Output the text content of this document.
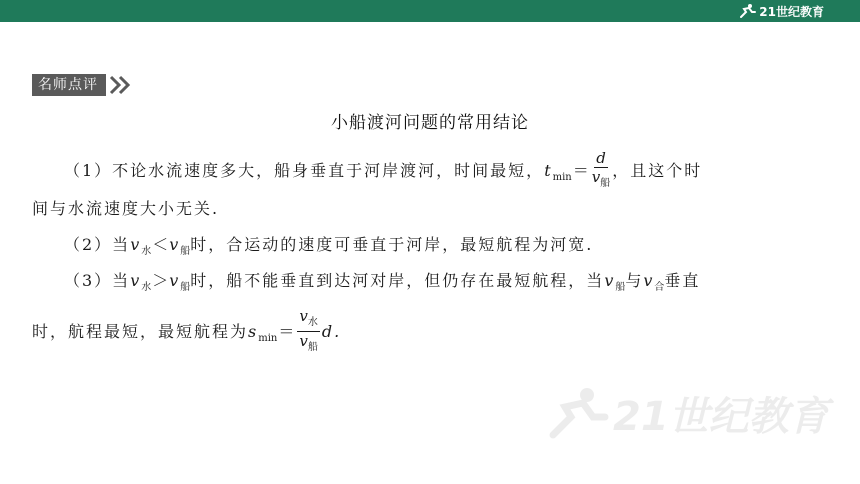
21世纪教育
名师点评
小船渡河问题的常用结论
（1）不论水流速度多大，船身垂直于河岸渡河，时间最短，$t_{min}= \frac{d}{v_船}$ ，且这个时
间与水流速度大小无关.
（2）当$v_水<v_船$时，合运动的速度可垂直于河岸，最短航程为河宽.
（3）当$v_水>v_船$时，船不能垂直到达河对岸，但仍存在最短航程，当$v_船$与$v_合$垂直
时，航程最短，最短航程为$s_{min}= \frac{v_水}{v_船} d$.
21世纪教育
